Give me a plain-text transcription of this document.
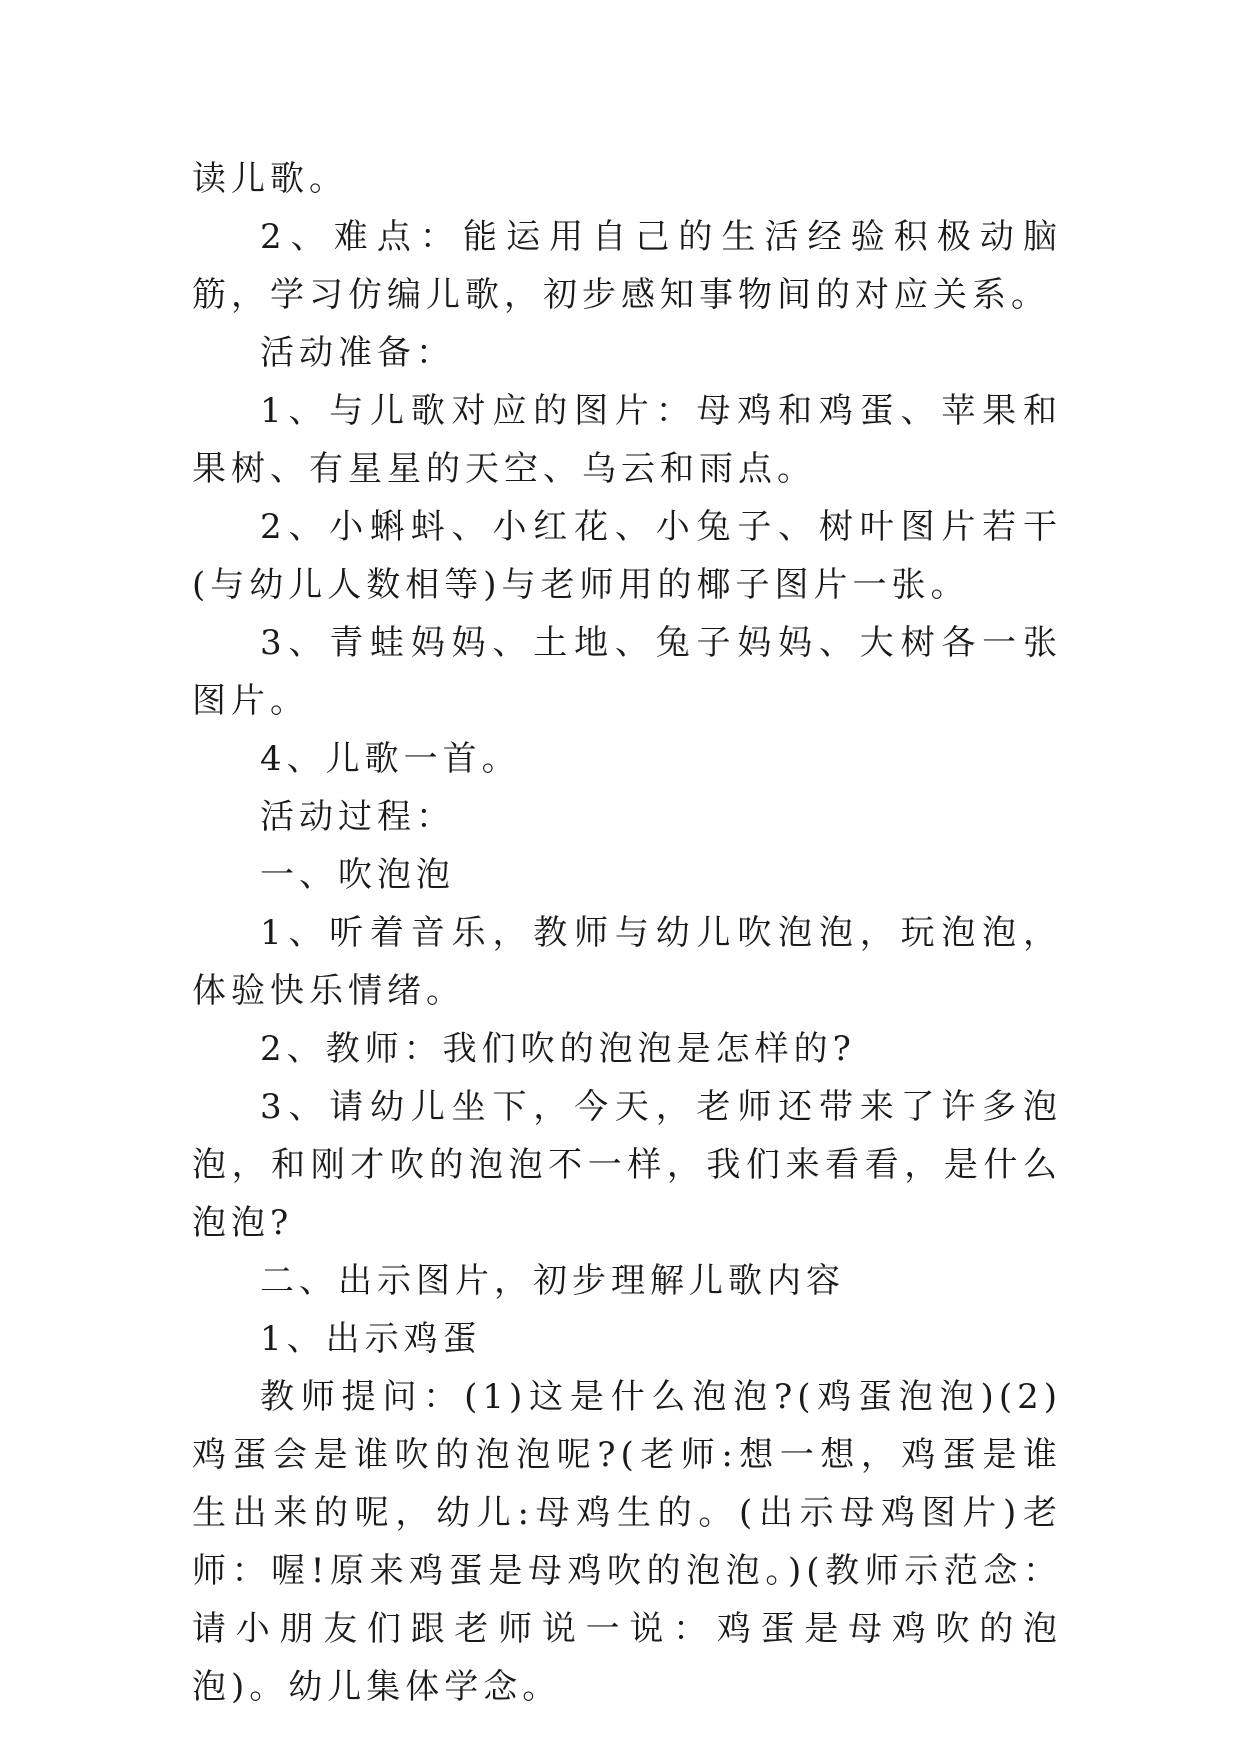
读儿歌。

2、难点：能运用自己的生活经验积极动脑筋，学习仿编儿歌，初步感知事物间的对应关系。

活动准备：

1、与儿歌对应的图片：母鸡和鸡蛋、苹果和果树、有星星的天空、乌云和雨点。

2、小蝌蚪、小红花、小兔子、树叶图片若干(与幼儿人数相等)与老师用的椰子图片一张。

3、青蛙妈妈、土地、兔子妈妈、大树各一张图片。

4、儿歌一首。

活动过程：

一、吹泡泡

1、听着音乐，教师与幼儿吹泡泡，玩泡泡，体验快乐情绪。

2、教师：我们吹的泡泡是怎样的?

3、请幼儿坐下，今天，老师还带来了许多泡泡，和刚才吹的泡泡不一样，我们来看看，是什么泡泡?

二、出示图片，初步理解儿歌内容

1、出示鸡蛋

教师提问：(1)这是什么泡泡?(鸡蛋泡泡)(2)鸡蛋会是谁吹的泡泡呢?(老师:想一想，鸡蛋是谁生出来的呢，幼儿:母鸡生的。(出示母鸡图片)老师：喔!原来鸡蛋是母鸡吹的泡泡。)(教师示范念：请小朋友们跟老师说一说：鸡蛋是母鸡吹的泡泡)。幼儿集体学念。
